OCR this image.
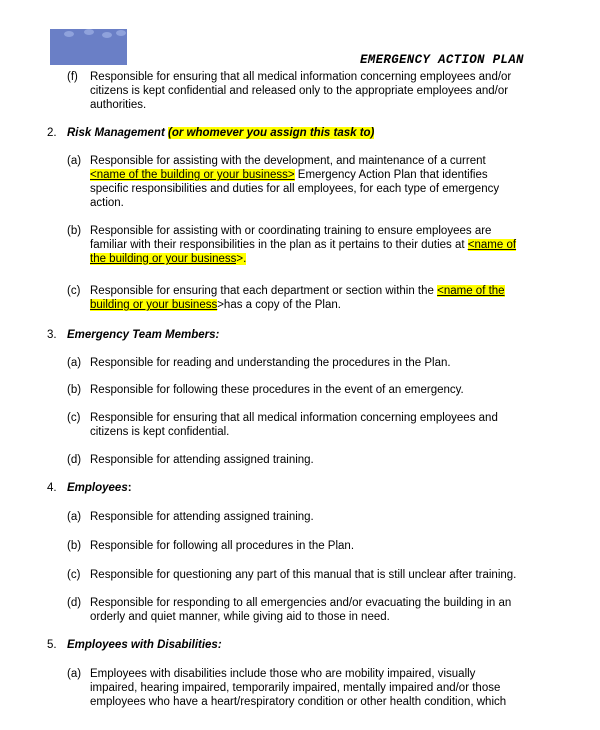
EMERGENCY ACTION PLAN
(f) Responsible for ensuring that all medical information concerning employees and/or
citizens is kept confidential and released only to the appropriate employees and/or
authorities.
2. Risk Management (or whomever you assign this task to)
(a) Responsible for assisting with the development, and maintenance of a current
<name of the building or your business> Emergency Action Plan that identifies
specific responsibilities and duties for all employees, for each type of emergency
action.
(b) Responsible for assisting with or coordinating training to ensure employees are
familiar with their responsibilities in the plan as it pertains to their duties at <name of
the building or your business>.
(c) Responsible for ensuring that each department or section within the <name of the
building or your business>has a copy of the Plan.
3. Emergency Team Members:
(a) Responsible for reading and understanding the procedures in the Plan.
(b) Responsible for following these procedures in the event of an emergency.
(c) Responsible for ensuring that all medical information concerning employees and
citizens is kept confidential.
(d) Responsible for attending assigned training.
4. Employees:
(a) Responsible for attending assigned training.
(b) Responsible for following all procedures in the Plan.
(c) Responsible for questioning any part of this manual that is still unclear after training.
(d) Responsible for responding to all emergencies and/or evacuating the building in an
orderly and quiet manner, while giving aid to those in need.
5. Employees with Disabilities:
(a) Employees with disabilities include those who are mobility impaired, visually
impaired, hearing impaired, temporarily impaired, mentally impaired and/or those
employees who have a heart/respiratory condition or other health condition, which
